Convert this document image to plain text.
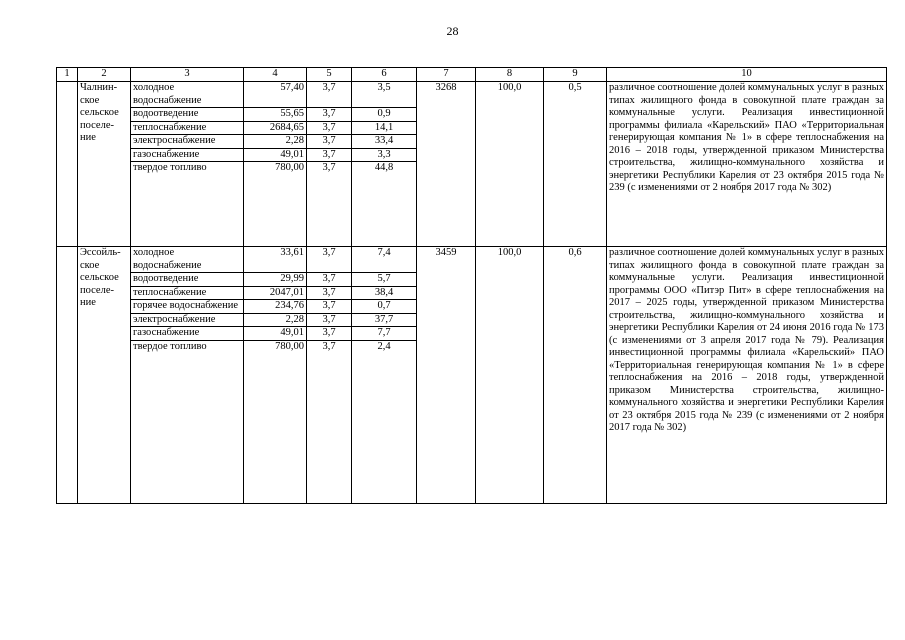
28
1	2	3	4	5	6	7	8	9	10
	Чалнин-ское сельское поселе-ние	холодное водоснабжение	57,40	3,7	3,5	3268	100,0	0,5	различное соотношение долей коммунальных услуг в разных типах жилищного фонда в совокупной плате граждан за коммунальные услуги. Реализация инвестиционной программы филиала «Карельский» ПАО «Территориальная генерирующая компания № 1» в сфере теплоснабжения на 2016 – 2018 годы, утвержденной приказом Министерства строительства, жилищно-коммунального хозяйства и энергетики Республики Карелия от 23 октября 2015 года № 239 (с изменениями от 2 ноября 2017 года № 302)
		водоотведение	55,65	3,7	0,9				
		теплоснабжение	2684,65	3,7	14,1				
		электроснабжение	2,28	3,7	33,4				
		газоснабжение	49,01	3,7	3,3				
		твердое топливо	780,00	3,7	44,8				

	Эссойль-ское сельское поселе-ние	холодное водоснабжение	33,61	3,7	7,4	3459	100,0	0,6	различное соотношение долей коммунальных услуг в разных типах жилищного фонда в совокупной плате граждан за коммунальные услуги. Реализация инвестиционной программы ООО «Питэр Пит» в сфере теплоснабжения на 2017 – 2025 годы, утвержденной приказом Министерства строительства, жилищно-коммунального хозяйства и энергетики Республики Карелия от 24 июня 2016 года № 173 (с изменениями от 3 апреля 2017 года № 79). Реализация инвестиционной программы филиала «Карельский» ПАО «Территориальная генерирующая компания № 1» в сфере теплоснабжения на 2016 – 2018 годы, утвержденной приказом Министерства строительства, жилищно-коммунального хозяйства и энергетики Республики Карелия от 23 октября 2015 года № 239 (с изменениями от 2 ноября 2017 года № 302)
		водоотведение	29,99	3,7	5,7				
		теплоснабжение	2047,01	3,7	38,4				
		горячее водоснабжение	234,76	3,7	0,7				
		электроснабжение	2,28	3,7	37,7				
		газоснабжение	49,01	3,7	7,7				
		твердое топливо	780,00	3,7	2,4				
